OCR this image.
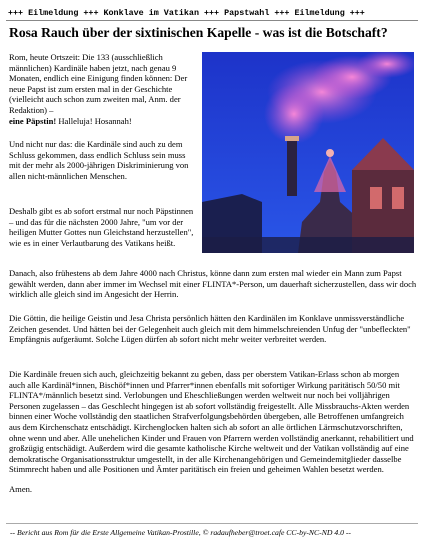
+++ Eilmeldung +++ Konklave im Vatikan +++ Papstwahl +++ Eilmeldung +++
Rosa Rauch über der sixtinischen Kapelle - was ist die Botschaft?

Rom, heute Ortszeit: Die 133 (ausschließlich männlichen) Kardinäle haben jetzt, nach genau 9 Monaten, endlich eine Einigung finden können: Der neue Papst ist zum ersten mal in der Geschichte (vielleicht auch schon zum zweiten mal, Anm. der Redaktion) –
eine Päpstin! Halleluja! Hosannah!

Und nicht nur das: die Kardinäle sind auch zu dem Schluss gekommen, dass endlich Schluss sein muss mit der mehr als 2000-jährigen Diskriminierung von allen nicht-männlichen Menschen.

Deshalb gibt es ab sofort erstmal nur noch Päpstinnen – und das für die nächsten 2000 Jahre, "um vor der heiligen Mutter Gottes nun Gleichstand herzustellen", wie es in einer Verlautbarung des Vatikans heißt.

Danach, also frühestens ab dem Jahre 4000 nach Christus, könne dann zum ersten mal wieder ein Mann zum Papst gewählt werden, dann aber immer im Wechsel mit einer FLINTA*-Person, um dauerhaft sicherzustellen, dass wir doch wirklich alle gleich sind im Angesicht der Herrin.

Die Göttin, die heilige Geistin und Jesa Christa persönlich hätten den Kardinälen im Konklave unmissverständliche Zeichen gesendet. Und hätten bei der Gelegenheit auch gleich mit dem himmelschreienden Unfug der "unbefleckten" Empfängnis aufgeräumt. Solche Lügen dürfen ab sofort nicht mehr weiter verbreitet werden.

Die Kardinäle freuen sich auch, gleichzeitig bekannt zu geben, dass per oberstem Vatikan-Erlass schon ab morgen auch alle Kardinäl*innen, Bischöf*innen und Pfarrer*innen ebenfalls mit sofortiger Wirkung paritätisch 50/50 mit FLINTA*/männlich besetzt sind. Verlobungen und Eheschließungen werden weltweit nur noch bei volljährigen Personen zugelassen – das Geschlecht hingegen ist ab sofort vollständig freigestellt. Alle Missbrauchs-Akten werden binnen einer Woche vollständig den staatlichen Strafverfolgungsbehörden übergeben, alle Betroffenen umfangreich aus dem Kirchenschatz entschädigt. Kirchenglocken halten sich ab sofort an alle örtlichen Lärmschutzvorschriften, ohne wenn und aber. Alle unehelichen Kinder und Frauen von Pfarrern werden vollständig anerkannt, rehabilitiert und großzügig entschädigt. Außerdem wird die gesamte katholische Kirche weltweit und der Vatikan vollständig auf eine demokratische Organisationsstruktur umgestellt, in der alle Kirchenangehörigen und Gemeindemitglieder dasselbe Stimmrecht haben und alle Positionen und Ämter paritätisch ein freien und geheimen Wahlen besetzt werden.

Amen.

-- Bericht aus Rom für die Erste Allgemeine Vatikan-Prostille, © radaufheber@troet.cafe CC-by-NC-ND 4.0 --
